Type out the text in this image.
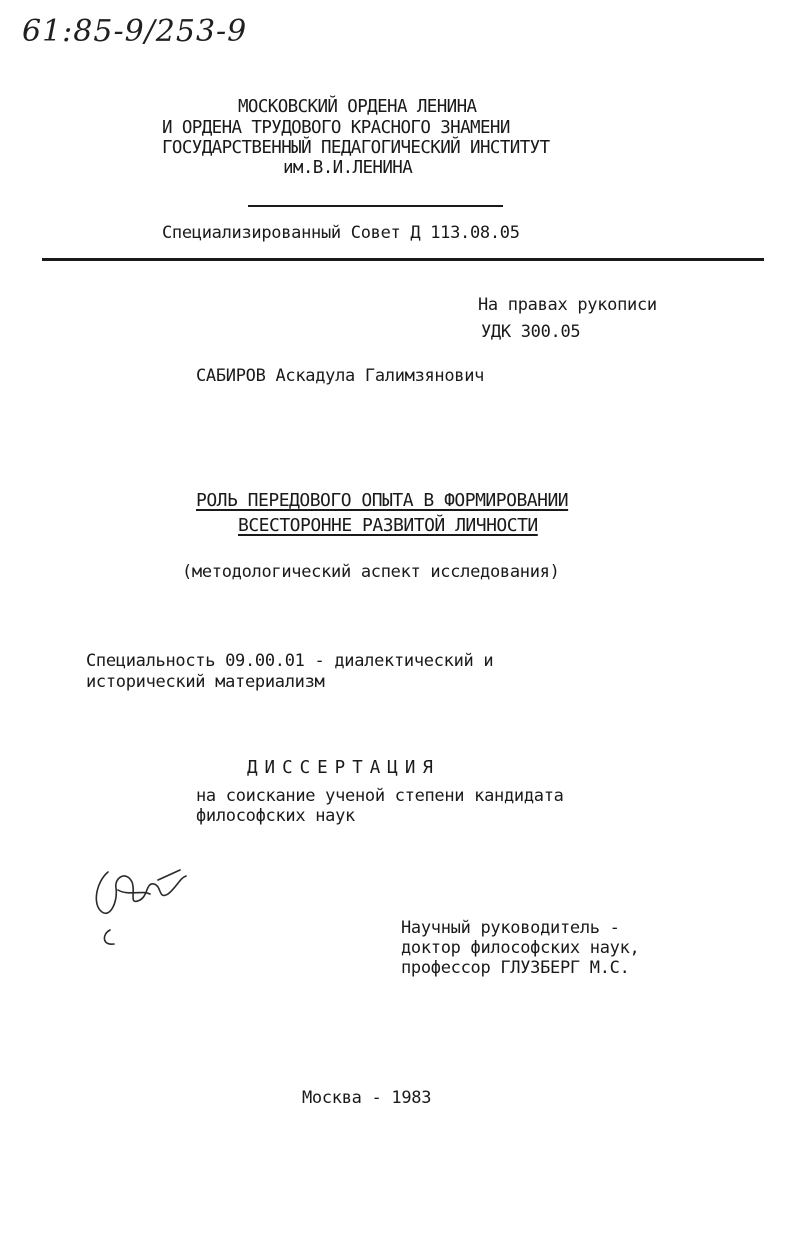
61:85-9/253-9
МОСКОВСКИЙ ОРДЕНА ЛЕНИНА
И ОРДЕНА ТРУДОВОГО КРАСНОГО ЗНАМЕНИ
ГОСУДАРСТВЕННЫЙ ПЕДАГОГИЧЕСКИЙ ИНСТИТУТ
им.В.И.ЛЕНИНА
Специализированный Совет Д 113.08.05
На правах рукописи
УДК 300.05
САБИРОВ Аскадула Галимзянович
РОЛЬ ПЕРЕДОВОГО ОПЫТА В ФОРМИРОВАНИИ
ВСЕСТОРОННЕ РАЗВИТОЙ ЛИЧНОСТИ
(методологический аспект исследования)
Специальность 09.00.01 - диалектический и
исторический материализм
ДИССЕРТАЦИЯ
на соискание ученой степени кандидата
философских наук
Научный руководитель -
доктор философских наук,
профессор ГЛУЗБЕРГ М.С.
Москва - 1983
